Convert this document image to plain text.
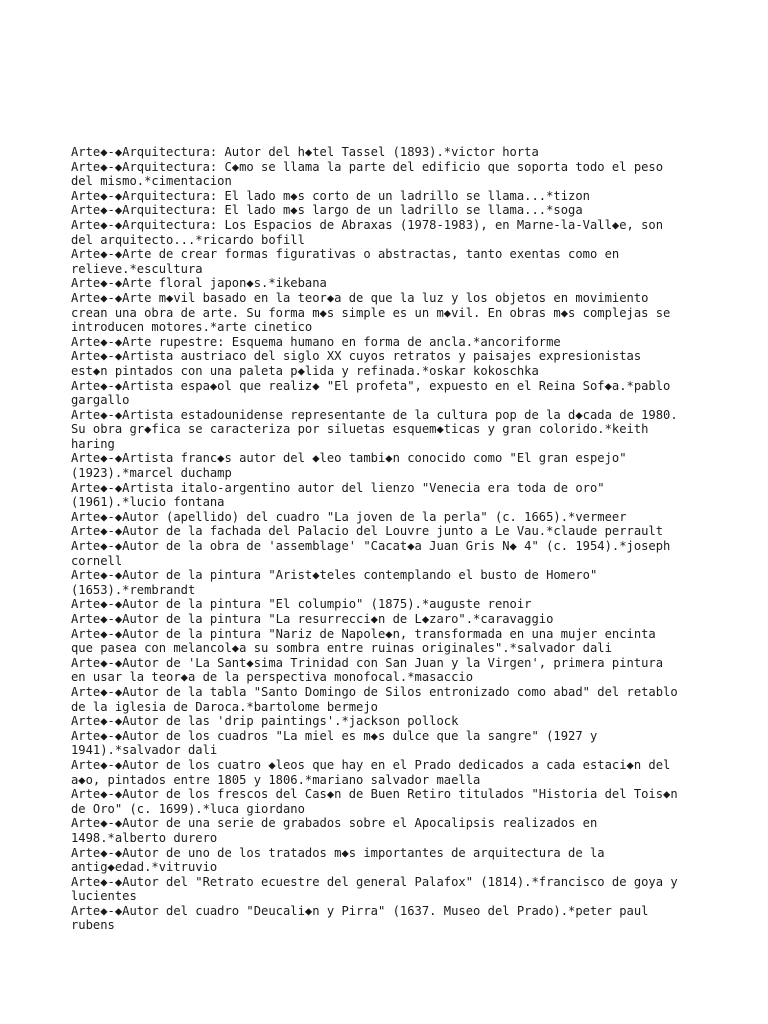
Arte◆-◆Arquitectura: Autor del h◆tel Tassel (1893).*victor horta
Arte◆-◆Arquitectura: C◆mo se llama la parte del edificio que soporta todo el peso
del mismo.*cimentacion
Arte◆-◆Arquitectura: El lado m◆s corto de un ladrillo se llama...*tizon
Arte◆-◆Arquitectura: El lado m◆s largo de un ladrillo se llama...*soga
Arte◆-◆Arquitectura: Los Espacios de Abraxas (1978-1983), en Marne-la-Vall◆e, son
del arquitecto...*ricardo bofill
Arte◆-◆Arte de crear formas figurativas o abstractas, tanto exentas como en
relieve.*escultura
Arte◆-◆Arte floral japon◆s.*ikebana
Arte◆-◆Arte m◆vil basado en la teor◆a de que la luz y los objetos en movimiento
crean una obra de arte. Su forma m◆s simple es un m◆vil. En obras m◆s complejas se
introducen motores.*arte cinetico
Arte◆-◆Arte rupestre: Esquema humano en forma de ancla.*ancoriforme
Arte◆-◆Artista austriaco del siglo XX cuyos retratos y paisajes expresionistas
est◆n pintados con una paleta p◆lida y refinada.*oskar kokoschka
Arte◆-◆Artista espa◆ol que realiz◆ "El profeta", expuesto en el Reina Sof◆a.*pablo
gargallo
Arte◆-◆Artista estadounidense representante de la cultura pop de la d◆cada de 1980.
Su obra gr◆fica se caracteriza por siluetas esquem◆ticas y gran colorido.*keith
haring
Arte◆-◆Artista franc◆s autor del ◆leo tambi◆n conocido como "El gran espejo"
(1923).*marcel duchamp
Arte◆-◆Artista italo-argentino autor del lienzo "Venecia era toda de oro"
(1961).*lucio fontana
Arte◆-◆Autor (apellido) del cuadro "La joven de la perla" (c. 1665).*vermeer
Arte◆-◆Autor de la fachada del Palacio del Louvre junto a Le Vau.*claude perrault
Arte◆-◆Autor de la obra de 'assemblage' "Cacat◆a Juan Gris N◆ 4" (c. 1954).*joseph
cornell
Arte◆-◆Autor de la pintura "Arist◆teles contemplando el busto de Homero"
(1653).*rembrandt
Arte◆-◆Autor de la pintura "El columpio" (1875).*auguste renoir
Arte◆-◆Autor de la pintura "La resurrecci◆n de L◆zaro".*caravaggio
Arte◆-◆Autor de la pintura "Nariz de Napole◆n, transformada en una mujer encinta
que pasea con melancol◆a su sombra entre ruinas originales".*salvador dali
Arte◆-◆Autor de 'La Sant◆sima Trinidad con San Juan y la Virgen', primera pintura
en usar la teor◆a de la perspectiva monofocal.*masaccio
Arte◆-◆Autor de la tabla "Santo Domingo de Silos entronizado como abad" del retablo
de la iglesia de Daroca.*bartolome bermejo
Arte◆-◆Autor de las 'drip paintings'.*jackson pollock
Arte◆-◆Autor de los cuadros "La miel es m◆s dulce que la sangre" (1927 y
1941).*salvador dali
Arte◆-◆Autor de los cuatro ◆leos que hay en el Prado dedicados a cada estaci◆n del
a◆o, pintados entre 1805 y 1806.*mariano salvador maella
Arte◆-◆Autor de los frescos del Cas◆n de Buen Retiro titulados "Historia del Tois◆n
de Oro" (c. 1699).*luca giordano
Arte◆-◆Autor de una serie de grabados sobre el Apocalipsis realizados en
1498.*alberto durero
Arte◆-◆Autor de uno de los tratados m◆s importantes de arquitectura de la
antig◆edad.*vitruvio
Arte◆-◆Autor del "Retrato ecuestre del general Palafox" (1814).*francisco de goya y
lucientes
Arte◆-◆Autor del cuadro "Deucali◆n y Pirra" (1637. Museo del Prado).*peter paul
rubens
